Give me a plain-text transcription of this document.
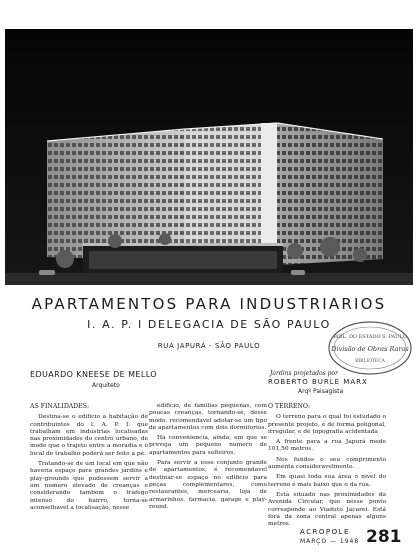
APARTAMENTOS PARA INDUSTRIARIOS
I. A. P. I DELEGACIA DE SÃO PAULO
RUA JAPURÁ - SÃO PAULO
EDUARDO KNEESE DE MELLO
Arquiteto
Jardins projetados por
ROBERTO BURLE MARX
Arqº Paisagista
BIBL. DO ESTADO S. PAULO
Divisão de Obras Raras
BIBLIOTECA

AS FINALIDADES:

Destina-se o edificio à habitação de contribuintes do I. A. P. I. que trabalham em industrias localisadas nas proximidades do centro urbano, de modo que o trajeto entre a moradia e o local de trabalho poderá ser feito a pé.

Tratando-se de um local em que não haveria espaço para grandes jardins e play-grounds que pudessem servir a um numero elevado de creanças e considerando tambem o trafego intenso do bairro, torna-se aconselhavel a localisação, nesse

edificio, de familias pequenas, com poucas creanças, tornando-se, desse modo, recomendavel adotar-se um tipo de apartamentos com dois dormitorios.

Ha conveniencia, ainda, em que se preveja um pequeno numero de apartamentos para solteiros.

Para servir a esse conjunto grande de apartamentos, é recomendavel destinar-se espaço no edificio para peças complementares, como restaurantes, mercearia, loja de armarinhos, farmacia, garage e play-round.

O TERRENO:

O terreno para o qual foi estudado o presente projeto, é de forma poligonal, irregular, e de topografia acidentada

A frente para a rua Japurá mede 101,50 metros.

Nos fundos o seu comprimento aumenta consideravelmente.

Em quasi toda sua área o nivel do terreno é mais baixo que o da rua.

Está situado nas proximidades da Avenida Circular, que nesse ponto corresponde ao Viaduto Jacarei. Está fora da zona central apenas alguns metros.

ACROPOLE
MARÇO — 1948 281
